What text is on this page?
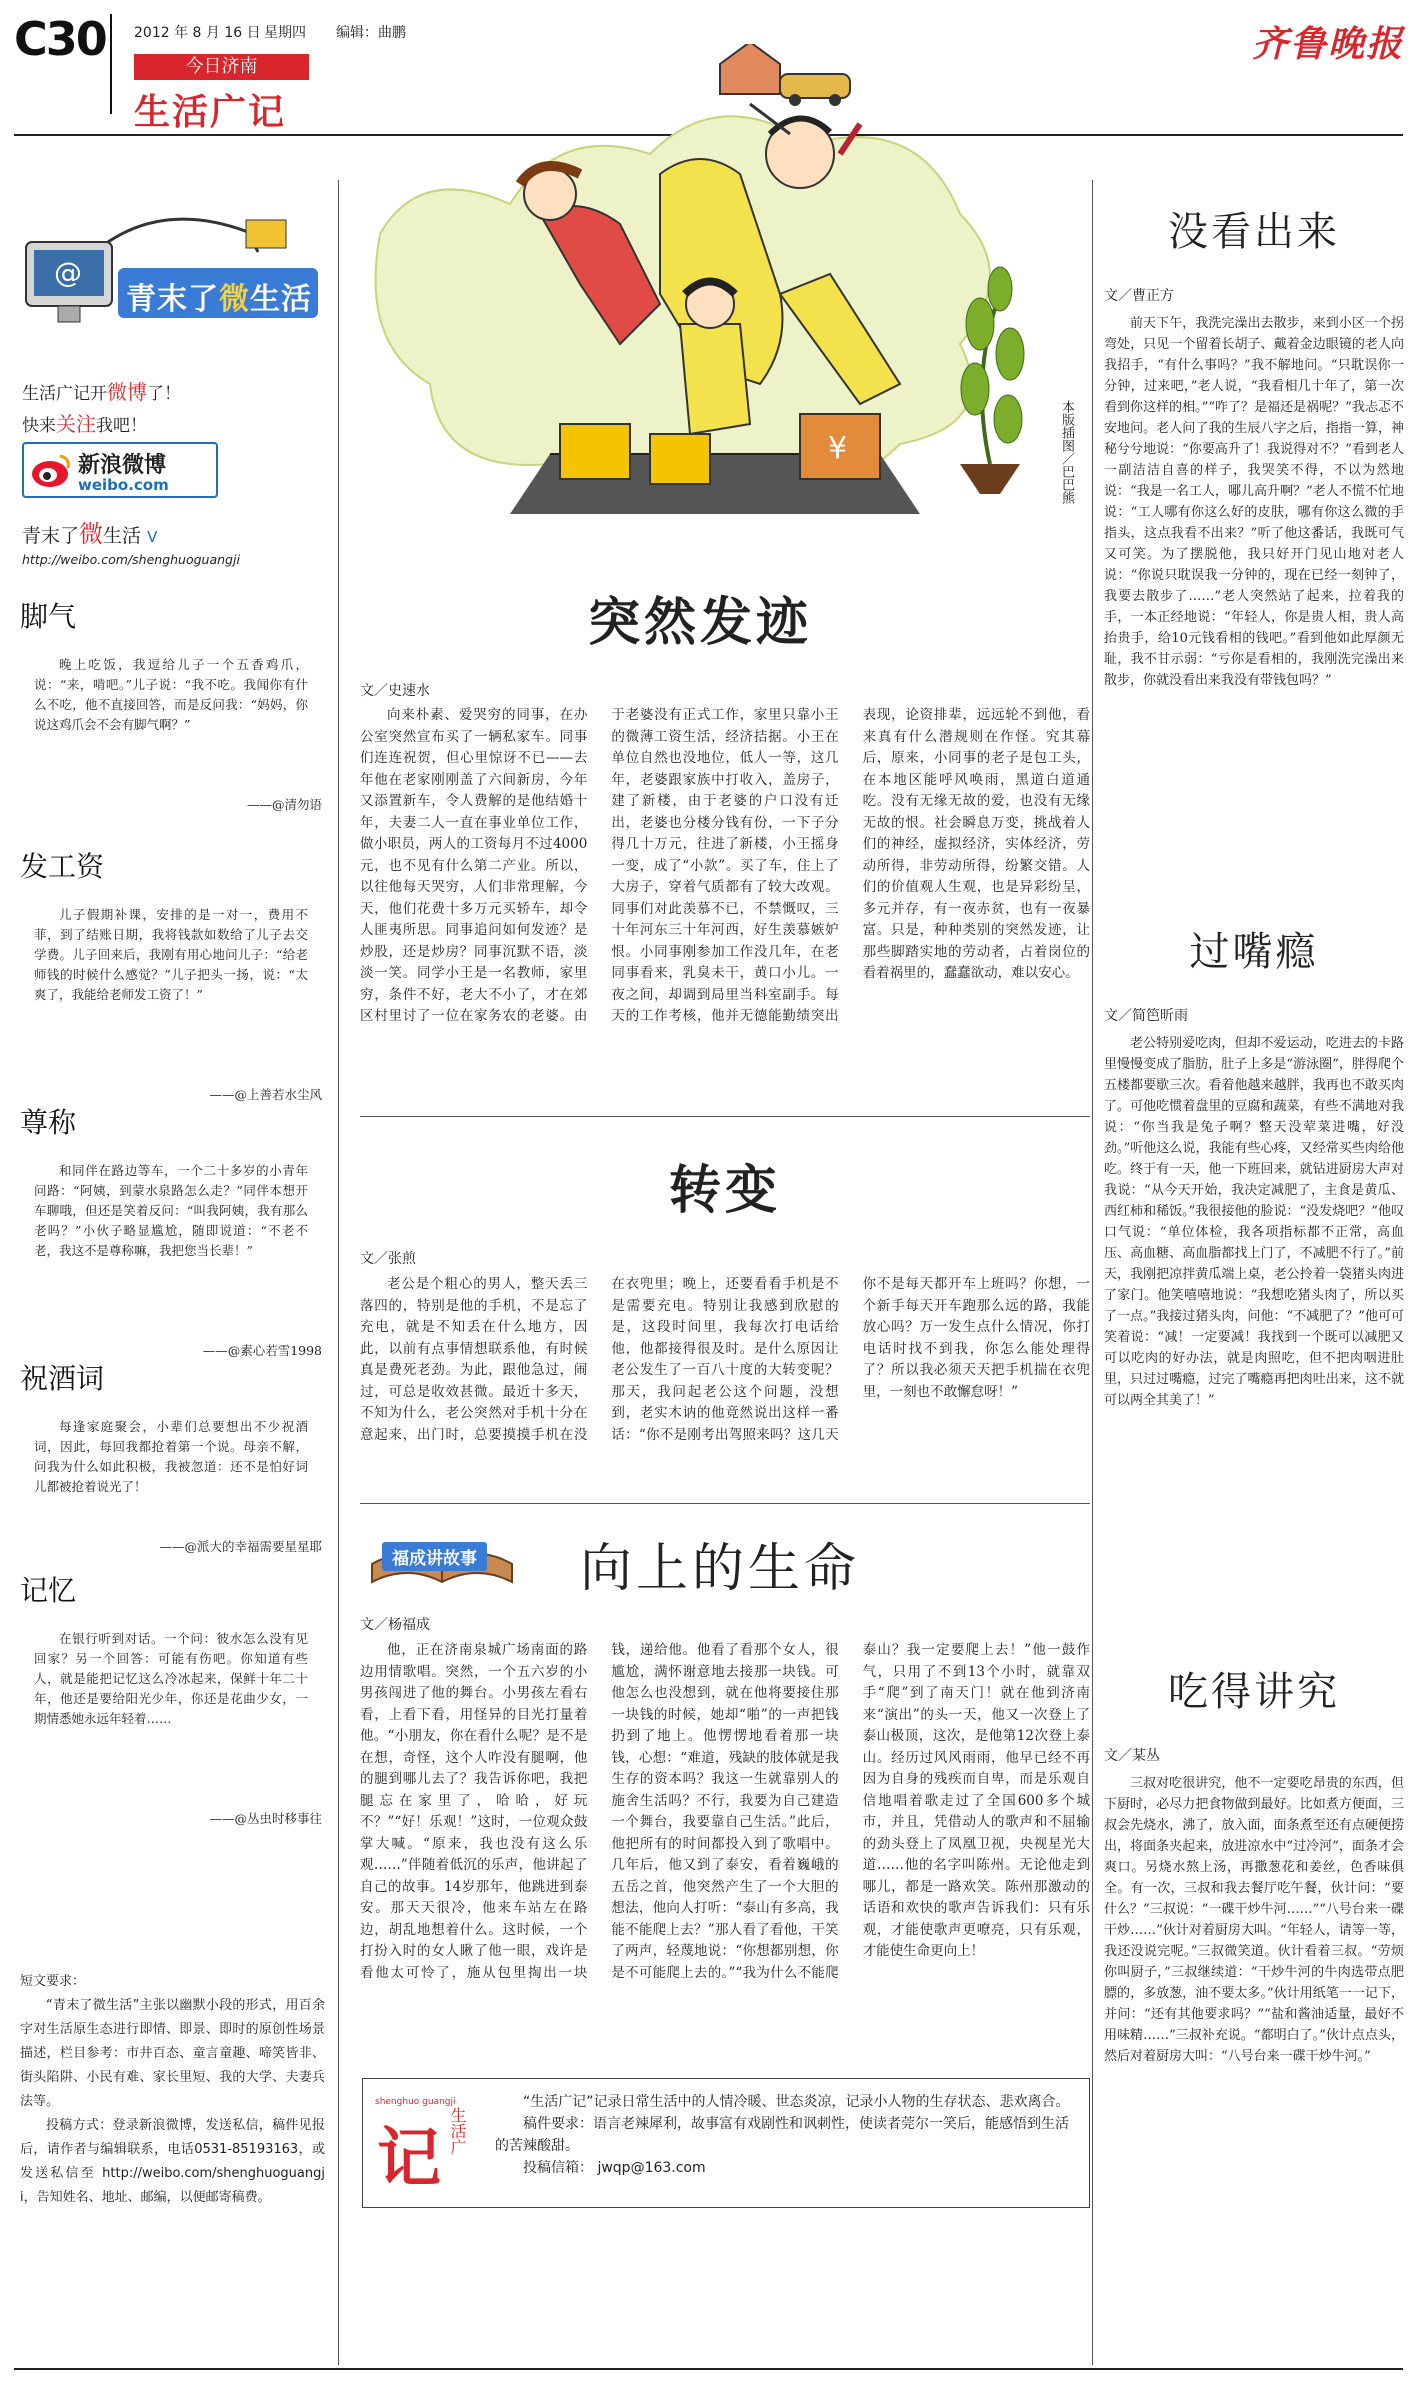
C30 2012 年 8 月 16 日 星期四 编辑：曲鹏
今日济南
生活广记
齐鲁晚报
@
青末了微生活
生活广记开微博了！
快来关注我吧！
新浪微博
weibo.com
青末了微生活 V
http://weibo.com/shenghuoguangji
脚气
晚上吃饭，我逗给儿子一个五香鸡爪，说：“来，啃吧。”儿子说：“我不吃。我闻你有什么不吃，他不直接回答，而是反问我：“妈妈，你说这鸡爪会不会有脚气啊？”
——@清勿语
发工资
儿子假期补课，安排的是一对一，费用不菲，到了结账日期，我将钱款如数给了儿子去交学费。儿子回来后，我刚有用心地问儿子：“给老师钱的时候什么感觉？”儿子把头一扬，说：“太爽了，我能给老师发工资了！”
——@上善若水尘风
尊称
和同伴在路边等车，一个二十多岁的小青年问路：“阿姨，到蒙水泉路怎么走？”同伴本想开车聊哦，但还是笑着反问：“叫我阿姨，我有那么老吗？”小伙子略显尴尬，随即说道：“不老不老，我这不是尊称嘛，我把您当长辈！”
——@素心若雪1998
祝酒词
每逢家庭聚会，小辈们总要想出不少祝酒词，因此，每回我都抢着第一个说。母亲不解，问我为什么如此积极，我被忽道：还不是怕好词儿都被抢着说光了！
——@派大的幸福需要星星耶
记忆
在银行听到对话。一个问：彼水怎么没有见回家？另一个回答：可能有伤吧。你知道有些人，就是能把记忆这么冷冰起来，保鲜十年二十年，他还是要给阳光少年，你还是花曲少女，一期情悉她永远年轻着……
——@丛虫时移事往
短文要求：
“青末了微生活”主张以幽默小段的形式，用百余字对生活原生态进行即情、即景、即时的原创性场景描述，栏目参考：市井百态、童言童趣、啼笑皆非、街头陷阱、小民有难、家长里短、我的大学、夫妻兵法等。
投稿方式：登录新浪微博，发送私信，稿件见报后，请作者与编辑联系，电话0531-85193163，或发送私信至 http://weibo.com/shenghuoguangji，告知姓名、地址、邮编，以便邮寄稿费。
¥	本版插图／巴巴熊
突然发迹
文／史速水
向来朴素、爱哭穷的同事，在办公室突然宣布买了一辆私家车。同事们连连祝贺，但心里惊讶不已——去年他在老家刚刚盖了六间新房，今年又添置新车，令人费解的是他结婚十年，夫妻二人一直在事业单位工作，做小职员，两人的工资每月不过4000元，也不见有什么第二产业。所以，以往他每天哭穷，人们非常理解，今天，他们花费十多万元买轿车，却令人匪夷所思。同事追问如何发迹？是炒股，还是炒房？同事沉默不语，淡淡一笑。同学小王是一名教师，家里穷，条件不好，老大不小了，才在郊区村里讨了一位在家务农的老婆。由于老婆没有正式工作，家里只靠小王的微薄工资生活，经济拮据。小王在单位自然也没地位，低人一等，这几年，老婆跟家族中打收入，盖房子，建了新楼，由于老婆的户口没有迁出，老婆也分楼分钱有份，一下子分得几十万元，往进了新楼，小王摇身一变，成了“小款”。买了车，住上了大房子，穿着气质都有了较大改观。同事们对此羡慕不已，不禁慨叹，三十年河东三十年河西，好生羡慕嫉妒恨。小同事刚参加工作没几年，在老同事看来，乳臭未干，黄口小儿。一夜之间，却调到局里当科室副手。每天的工作考核，他并无德能勤绩突出表现，论资排辈，远远轮不到他，看来真有什么潜规则在作怪。究其幕后，原来，小同事的老子是包工头，在本地区能呼风唤雨，黑道白道通吃。没有无缘无故的爱，也没有无缘无故的恨。社会瞬息万变，挑战着人们的神经，虚拟经济，实体经济，劳动所得，非劳动所得，纷繁交错。人们的价值观人生观，也是异彩纷呈，多元并存，有一夜赤贫，也有一夜暴富。只是，种种类别的突然发迹，让那些脚踏实地的劳动者，占着岗位的看着祸里的，蠢蠢欲动，难以安心。
转变
文／张煎
老公是个粗心的男人，整天丢三落四的，特别是他的手机，不是忘了充电，就是不知丢在什么地方，因此，以前有点事情想联系他，有时候真是费死老劲。为此，跟他急过，闹过，可总是收效甚微。最近十多天，不知为什么，老公突然对手机十分在意起来，出门时，总要摸摸手机在没在衣兜里；晚上，还要看看手机是不是需要充电。特别让我感到欣慰的是，这段时间里，我每次打电话给他，他都接得很及时。是什么原因让老公发生了一百八十度的大转变呢？那天，我问起老公这个问题，没想到，老实木讷的他竟然说出这样一番话：“你不是刚考出驾照来吗？这几天你不是每天都开车上班吗？你想，一个新手每天开车跑那么远的路，我能放心吗？万一发生点什么情况，你打电话时找不到我，你怎么能处理得了？所以我必须天天把手机揣在衣兜里，一刻也不敢懈怠呀！”
福成讲故事	向上的生命
文／杨福成
他，正在济南泉城广场南面的路边用情歌唱。突然，一个五六岁的小男孩闯进了他的舞台。小男孩左看右看，上看下看，用怪异的目光打量着他。“小朋友，你在看什么呢？是不是在想，奇怪，这个人咋没有腿啊，他的腿到哪儿去了？我告诉你吧，我把腿忘在家里了，哈哈，好玩不？”“好！乐观！”这时，一位观众鼓掌大喊。“原来，我也没有这么乐观……”伴随着低沉的乐声，他讲起了自己的故事。14岁那年，他跳进到泰安。那天天很冷，他来车站左在路边，胡乱地想着什么。这时候，一个打扮入时的女人瞅了他一眼，戏许是看他太可怜了，施从包里掏出一块钱，递给他。他看了看那个女人，很尴尬，满怀谢意地去接那一块钱。可他怎么也没想到，就在他将要接住那一块钱的时候，她却“啪”的一声把钱扔到了地上。他愣愣地看着那一块钱，心想：“难道，残缺的肢体就是我生存的资本吗？我这一生就靠别人的施舍生活吗？不行，我要为自己建造一个舞台，我要靠自己生活。”此后，他把所有的时间都投入到了歌唱中。几年后，他又到了泰安，看着巍峨的五岳之首，他突然产生了一个大胆的想法，他向人打听：“泰山有多高，我能不能爬上去？”那人看了看他，干笑了两声，轻蔑地说：“你想都别想，你是不可能爬上去的。”“我为什么不能爬泰山？我一定要爬上去！”他一鼓作气，只用了不到13个小时，就靠双手“爬”到了南天门！就在他到济南来“演出”的头一天，他又一次登上了泰山极顶，这次，是他第12次登上泰山。经历过风风雨雨，他早已经不再因为自身的残疾而自卑，而是乐观自信地唱着歌走过了全国600多个城市，并且，凭借动人的歌声和不屈输的劲头登上了凤凰卫视，央视星光大道……他的名字叫陈州。无论他走到哪儿，都是一路欢笑。陈州那激动的话语和欢快的歌声告诉我们：只有乐观，才能使歌声更嘹亮，只有乐观，才能使生命更向上！
shenghuo guangji
记 生活广
“生活广记”记录日常生活中的人情冷暖、世态炎凉，记录小人物的生存状态、悲欢离合。
稿件要求：语言老辣犀利，故事富有戏剧性和讽刺性，使读者莞尔一笑后，能感悟到生活的苦辣酸甜。
投稿信箱： jwqp@163.com
没看出来
文／曹正方
前天下午，我洗完澡出去散步，来到小区一个拐弯处，只见一个留着长胡子、戴着金边眼镜的老人向我招手，“有什么事吗？”我不解地问。“只耽误你一分钟，过来吧，”老人说，“我看相几十年了，第一次看到你这样的相。”“咋了？是福还是祸呢？”我忐忑不安地问。老人问了我的生辰八字之后，指指一算，神秘兮兮地说：“你要高升了！我说得对不？”看到老人一副洁洁自喜的样子，我哭笑不得，不以为然地说：“我是一名工人，哪儿高升啊？”老人不慌不忙地说：“工人哪有你这么好的皮肤，哪有你这么微的手指头，这点我看不出来？”听了他这番话，我既可气又可笑。为了摆脱他，我只好开门见山地对老人说：“你说只耽误我一分钟的，现在已经一刻钟了，我要去散步了……”老人突然站了起来，拉着我的手，一本正经地说：“年轻人，你是贵人相，贵人高抬贵手，给10元钱看相的钱吧。”看到他如此厚颜无耻，我不甘示弱：“亏你是看相的，我刚洗完澡出来散步，你就没看出来我没有带钱包吗？”
过嘴瘾
文／简笆昕雨
老公特别爱吃肉，但却不爱运动，吃进去的卡路里慢慢变成了脂肪，肚子上多是“游泳圈”，胖得爬个五楼都要歇三次。看着他越来越胖，我再也不敢买肉了。可他吃惯着盘里的豆腐和蔬菜，有些不满地对我说：“你当我是兔子啊？整天没荤菜进嘴，好没劲。”听他这么说，我能有些心疼，又经常买些肉给他吃。终于有一天，他一下班回来，就钻进厨房大声对我说：“从今天开始，我决定减肥了，主食是黄瓜、西红柿和稀饭。”我很接他的脸说：“没发烧吧？”他叹口气说：“单位体检，我各项指标都不正常，高血压、高血糖、高血脂都找上门了，不减肥不行了。”前天，我刚把凉拌黄瓜端上桌，老公拎着一袋猪头肉进了家门。他笑嘻嘻地说：“我想吃猪头肉了，所以买了一点。”我接过猪头肉，问他：“不减肥了？”他可可笑着说：“减！一定要减！我找到一个既可以减肥又可以吃肉的好办法，就是肉照吃，但不把肉咽进肚里，只过过嘴瘾，过完了嘴瘾再把肉吐出来，这不就可以两全其美了！”
吃得讲究
文／某丛
三叔对吃很讲究，他不一定要吃昂贵的东西，但下厨时，必尽力把食物做到最好。比如煮方便面，三叔会先烧水，沸了，放入面，面条煮至还有点硬便捞出，将面条夹起来，放进凉水中“过冷河”，面条才会爽口。另烧水熬上汤，再撒葱花和姜丝，色香味俱全。有一次，三叔和我去餐厅吃午餐，伙计问：“要什么？”三叔说：“一碟干炒牛河……”“八号台来一碟干炒……”伙计对着厨房大叫。“年轻人，请等一等，我还没说完呢。”三叔微笑道。伙计看着三叔。“劳烦你叫厨子，”三叔继续道：“干炒牛河的牛肉选带点肥膘的，多放葱，油不要太多。”伙计用纸笔一一记下，并问：“还有其他要求吗？”“盐和酱油适量，最好不用味精……”三叔补充说。“都明白了。”伙计点点头，然后对着厨房大叫：“八号台来一碟干炒牛河。”
